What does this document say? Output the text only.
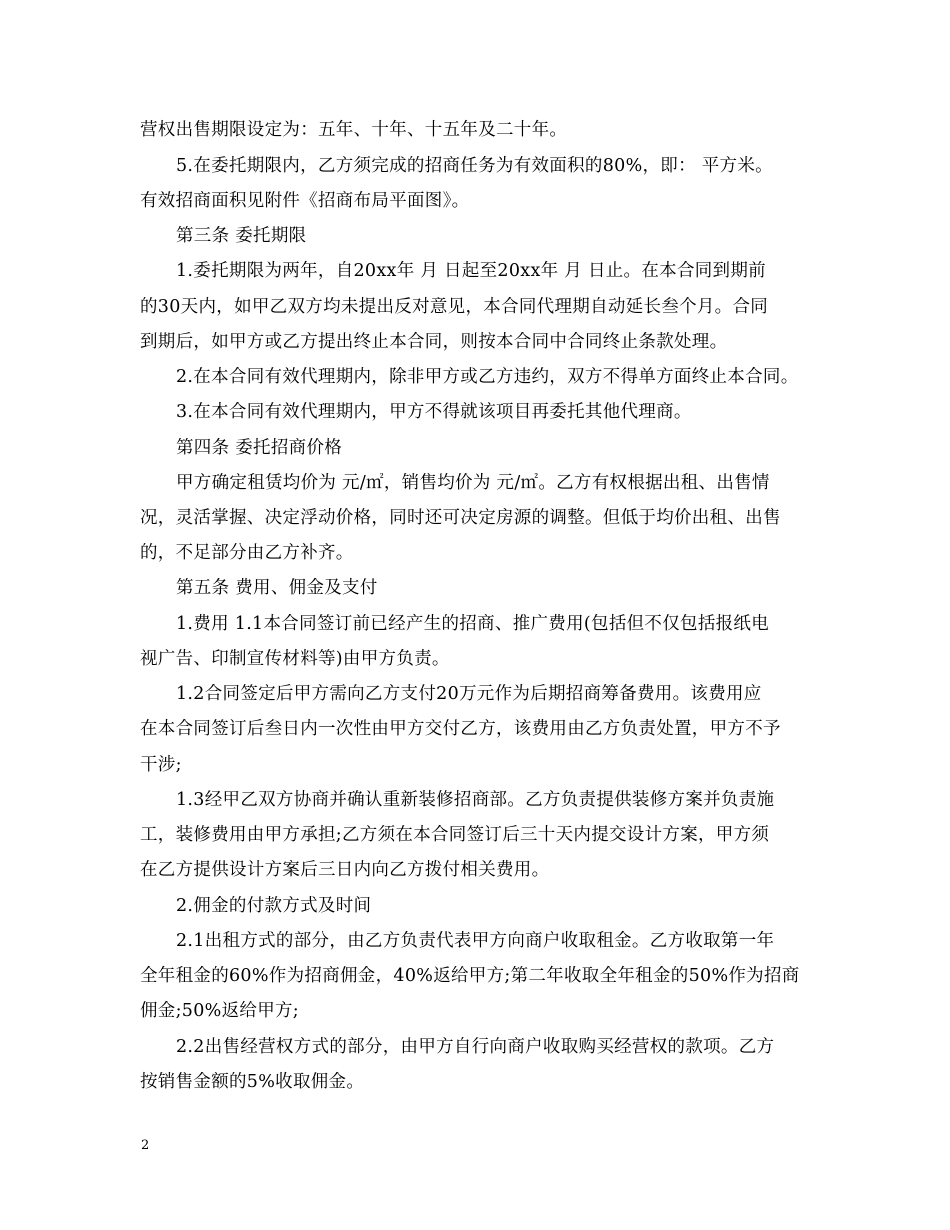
营权出售期限设定为：五年、十年、十五年及二十年。
5.在委托期限内，乙方须完成的招商任务为有效面积的80%，即： 平方米。
有效招商面积见附件《招商布局平面图》。
第三条 委托期限
1.委托期限为两年，自20xx年 月 日起至20xx年 月 日止。在本合同到期前
的30天内，如甲乙双方均未提出反对意见，本合同代理期自动延长叁个月。合同
到期后，如甲方或乙方提出终止本合同，则按本合同中合同终止条款处理。
2.在本合同有效代理期内，除非甲方或乙方违约，双方不得单方面终止本合同。
3.在本合同有效代理期内，甲方不得就该项目再委托其他代理商。
第四条 委托招商价格
甲方确定租赁均价为 元/㎡，销售均价为 元/㎡。乙方有权根据出租、出售情
况，灵活掌握、决定浮动价格，同时还可决定房源的调整。但低于均价出租、出售
的，不足部分由乙方补齐。
第五条 费用、佣金及支付
1.费用 1.1本合同签订前已经产生的招商、推广费用(包括但不仅包括报纸电
视广告、印制宣传材料等)由甲方负责。
1.2合同签定后甲方需向乙方支付20万元作为后期招商筹备费用。该费用应
在本合同签订后叁日内一次性由甲方交付乙方，该费用由乙方负责处置，甲方不予
干涉;
1.3经甲乙双方协商并确认重新装修招商部。乙方负责提供装修方案并负责施
工，装修费用由甲方承担;乙方须在本合同签订后三十天内提交设计方案，甲方须
在乙方提供设计方案后三日内向乙方拨付相关费用。
2.佣金的付款方式及时间
2.1出租方式的部分，由乙方负责代表甲方向商户收取租金。乙方收取第一年
全年租金的60%作为招商佣金，40%返给甲方;第二年收取全年租金的50%作为招商
佣金;50%返给甲方;
2.2出售经营权方式的部分，由甲方自行向商户收取购买经营权的款项。乙方
按销售金额的5%收取佣金。
2
